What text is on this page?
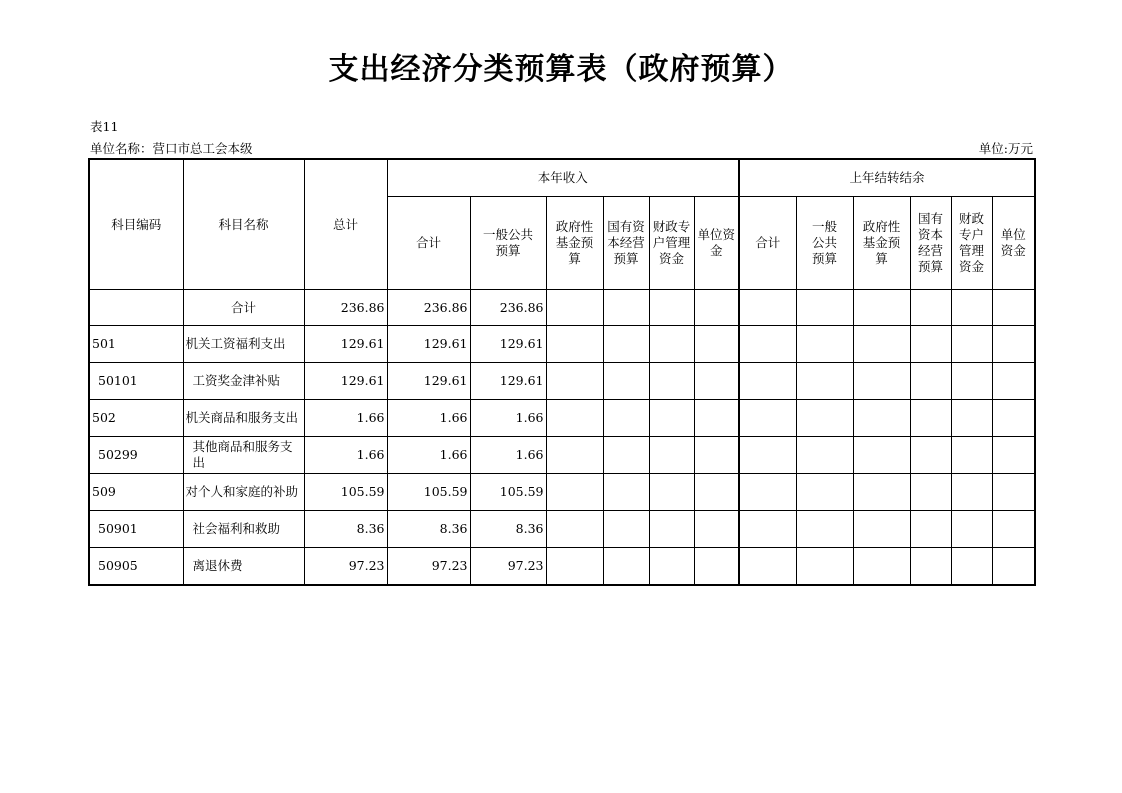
支出经济分类预算表（政府预算）
表11
单位名称：营口市总工会本级	单位:万元
科目编码	科目名称	总计	本年收入						上年结转结余					
			合计	一般公共预算	政府性基金预算	国有资本经营预算	财政专户管理资金	单位资金	合计	一般公共预算	政府性基金预算	国有资本经营预算	财政专户管理资金	单位资金
	合计	236.86	236.86	236.86										
501	机关工资福利支出	129.61	129.61	129.61										
50101	工资奖金津补贴	129.61	129.61	129.61										
502	机关商品和服务支出	1.66	1.66	1.66										
50299	其他商品和服务支出	1.66	1.66	1.66										
509	对个人和家庭的补助	105.59	105.59	105.59										
50901	社会福利和救助	8.36	8.36	8.36										
50905	离退休费	97.23	97.23	97.23										
